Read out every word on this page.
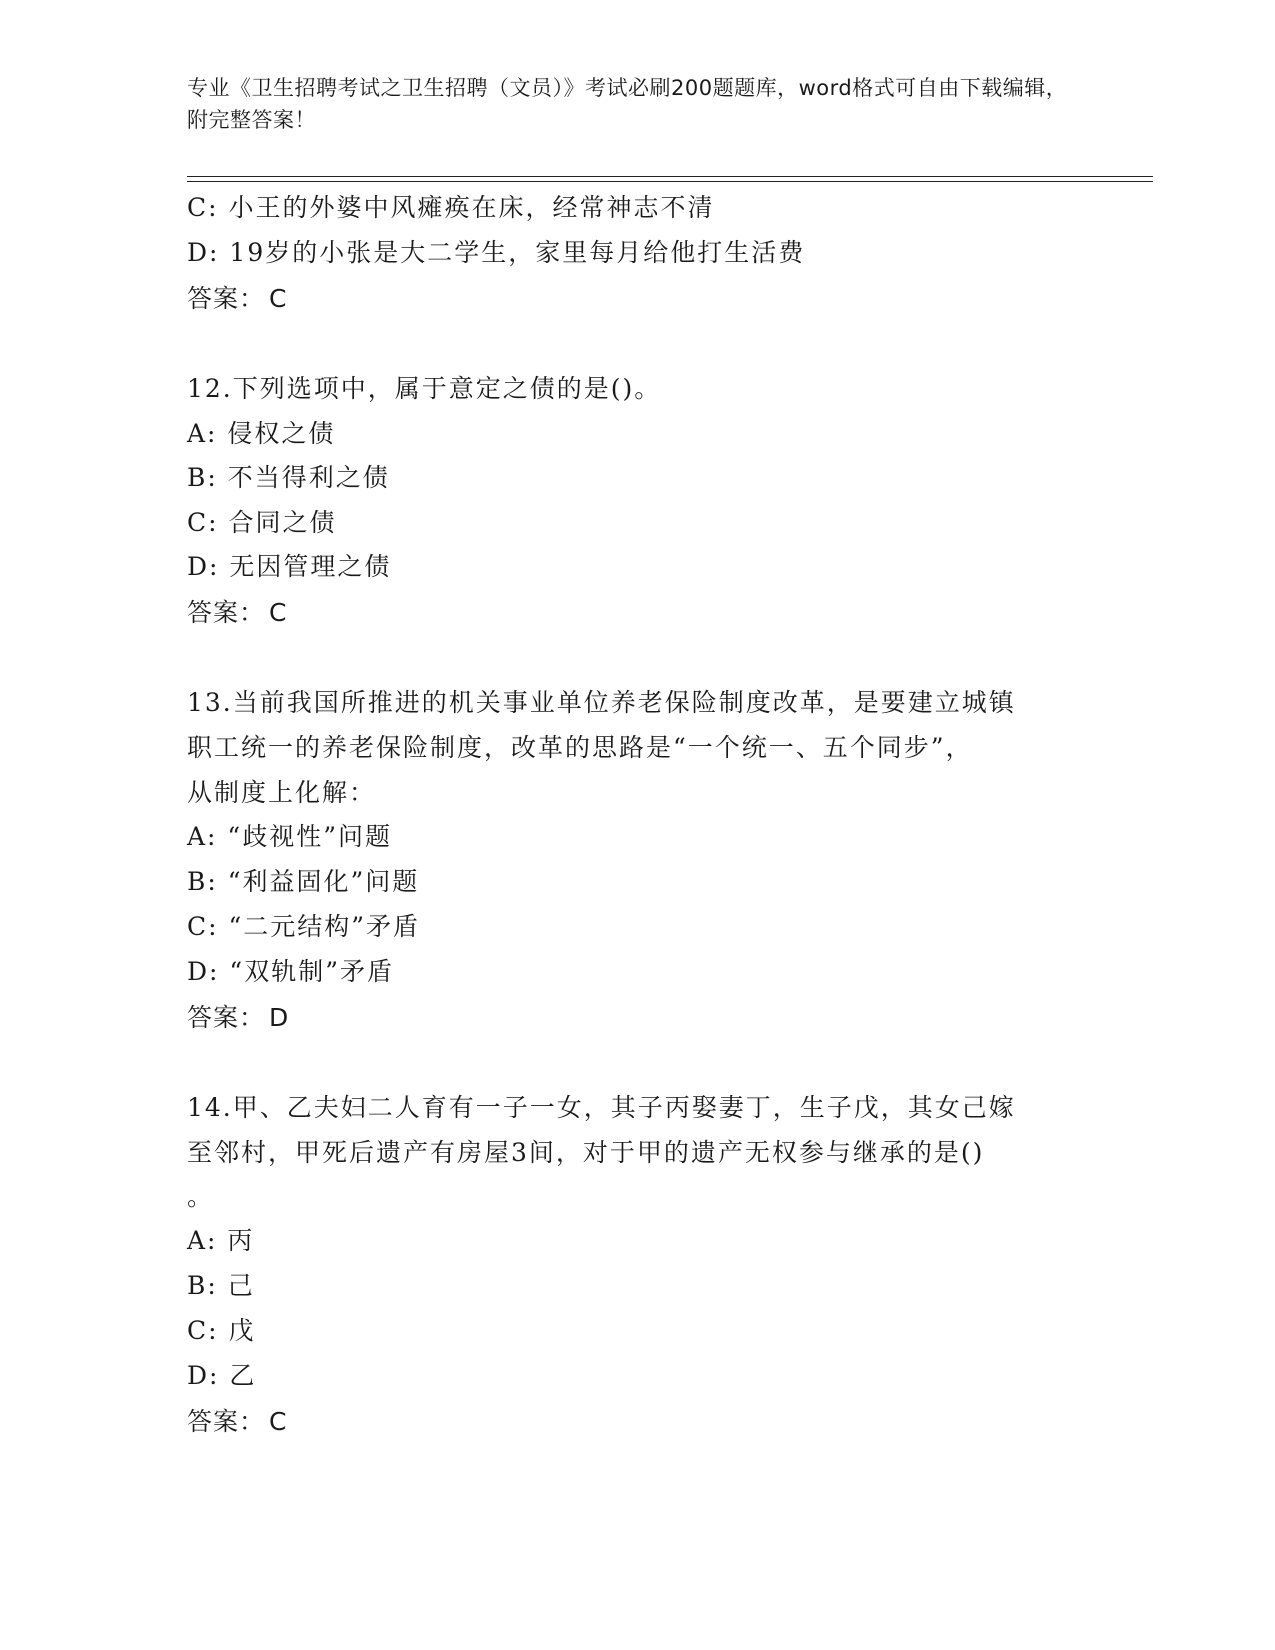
专业《卫生招聘考试之卫生招聘（文员）》考试必刷200题题库，word格式可自由下载编辑，附完整答案！
C: 小王的外婆中风瘫痪在床，经常神志不清
D: 19岁的小张是大二学生，家里每月给他打生活费
答案： C
12.下列选项中，属于意定之债的是()。
A: 侵权之债
B: 不当得利之债
C: 合同之债
D: 无因管理之债
答案： C
13.当前我国所推进的机关事业单位养老保险制度改革，是要建立城镇
职工统一的养老保险制度，改革的思路是“一个统一、五个同步”，
从制度上化解：
A: “歧视性”问题
B: “利益固化”问题
C: “二元结构”矛盾
D: “双轨制”矛盾
答案： D
14.甲、乙夫妇二人育有一子一女，其子丙娶妻丁，生子戊，其女己嫁
至邻村，甲死后遗产有房屋3间，对于甲的遗产无权参与继承的是()
。
A: 丙
B: 己
C: 戊
D: 乙
答案： C
